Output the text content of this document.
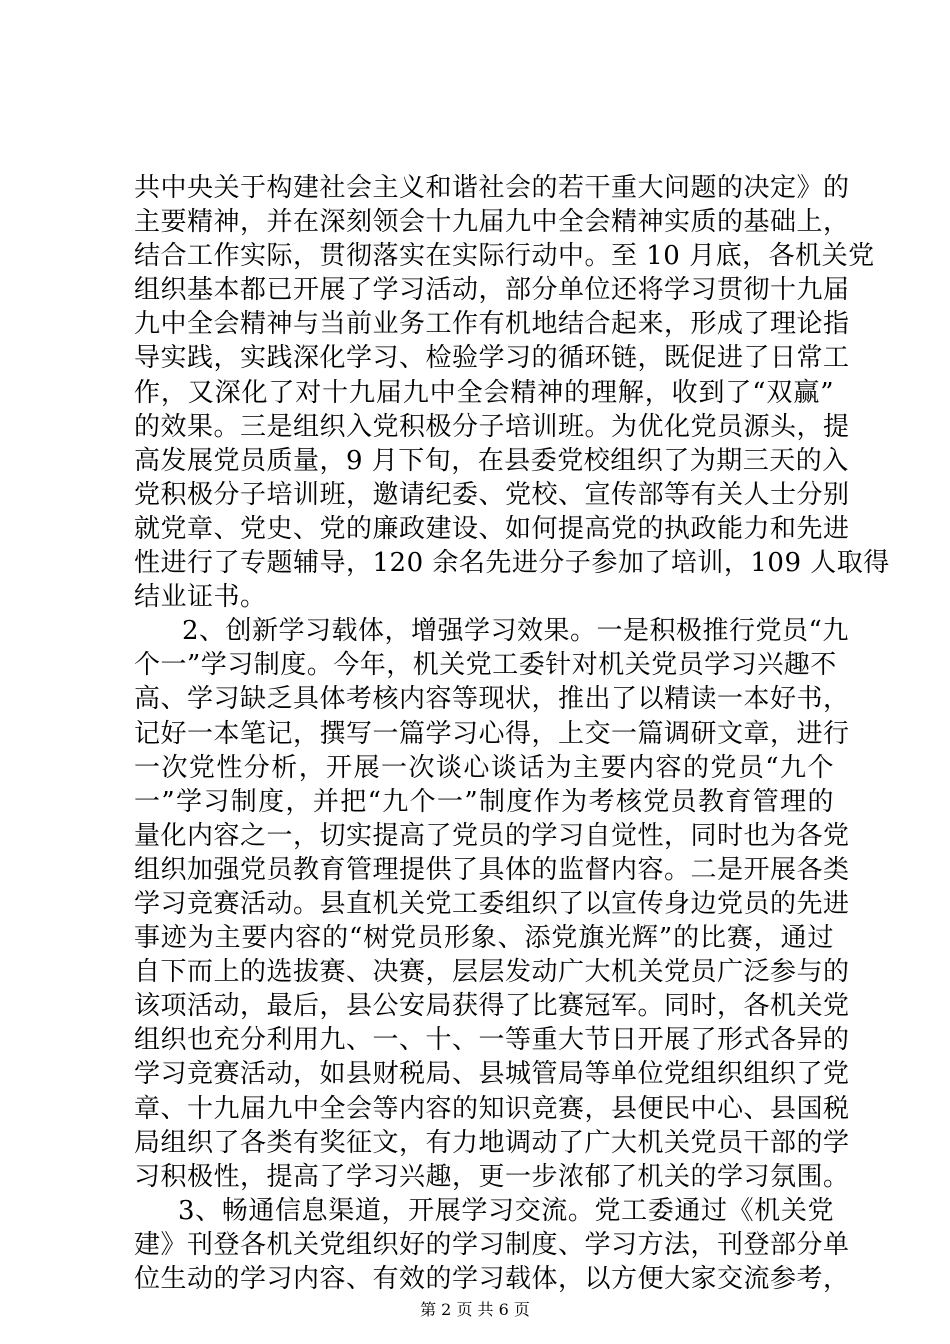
共中央关于构建社会主义和谐社会的若干重大问题的决定》的
主要精神，并在深刻领会十九届九中全会精神实质的基础上，
结合工作实际，贯彻落实在实际行动中。至 10 月底，各机关党
组织基本都已开展了学习活动，部分单位还将学习贯彻十九届
九中全会精神与当前业务工作有机地结合起来，形成了理论指
导实践，实践深化学习、检验学习的循环链，既促进了日常工
作，又深化了对十九届九中全会精神的理解，收到了“双赢”
的效果。三是组织入党积极分子培训班。为优化党员源头，提
高发展党员质量，9 月下旬，在县委党校组织了为期三天的入
党积极分子培训班，邀请纪委、党校、宣传部等有关人士分别
就党章、党史、党的廉政建设、如何提高党的执政能力和先进
性进行了专题辅导，120 余名先进分子参加了培训，109 人取得
结业证书。
2、创新学习载体，增强学习效果。一是积极推行党员“九
个一”学习制度。今年，机关党工委针对机关党员学习兴趣不
高、学习缺乏具体考核内容等现状，推出了以精读一本好书，
记好一本笔记，撰写一篇学习心得，上交一篇调研文章，进行
一次党性分析，开展一次谈心谈话为主要内容的党员“九个
一”学习制度，并把“九个一”制度作为考核党员教育管理的
量化内容之一，切实提高了党员的学习自觉性，同时也为各党
组织加强党员教育管理提供了具体的监督内容。二是开展各类
学习竞赛活动。县直机关党工委组织了以宣传身边党员的先进
事迹为主要内容的“树党员形象、添党旗光辉”的比赛，通过
自下而上的选拔赛、决赛，层层发动广大机关党员广泛参与的
该项活动，最后，县公安局获得了比赛冠军。同时，各机关党
组织也充分利用九、一、十、一等重大节日开展了形式各异的
学习竞赛活动，如县财税局、县城管局等单位党组织组织了党
章、十九届九中全会等内容的知识竞赛，县便民中心、县国税
局组织了各类有奖征文，有力地调动了广大机关党员干部的学
习积极性，提高了学习兴趣，更一步浓郁了机关的学习氛围。
3、畅通信息渠道，开展学习交流。党工委通过《机关党
建》刊登各机关党组织好的学习制度、学习方法，刊登部分单
位生动的学习内容、有效的学习载体，以方便大家交流参考，
第 2 页 共 6 页
